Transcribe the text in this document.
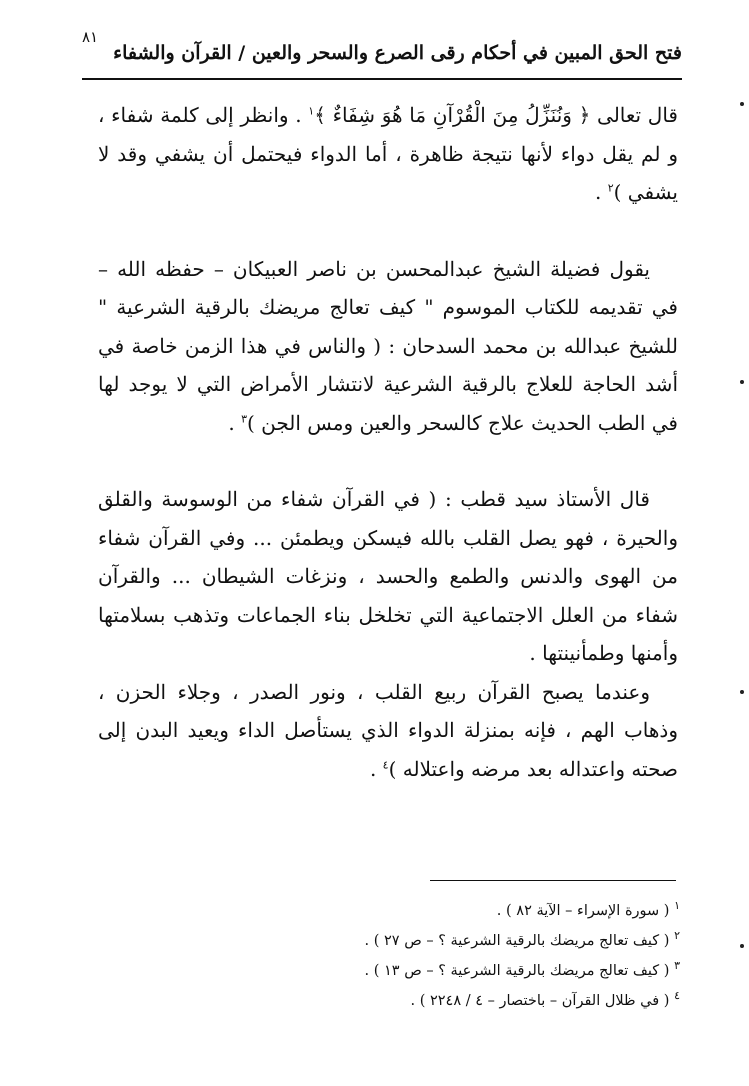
فتح الحق المبين في أحكام رقى الصرع والسحر والعين / القرآن والشفاء
٨١

قال تعالى ﴿ وَنُنَزِّلُ مِنَ الْقُرْآنِ مَا هُوَ شِفَاءٌ ﴾$^١$ . وانظر إلى كلمة شفاء ، و لم يقل دواء لأنها نتيجة ظاهرة ، أما الدواء فيحتمل أن يشفي وقد لا يشفي )$^٢$ .

يقول فضيلة الشيخ عبدالمحسن بن ناصر العبيكان – حفظه الله – في تقديمه للكتاب الموسوم " كيف تعالج مريضك بالرقية الشرعية " للشيخ عبدالله بن محمد السدحان : ( والناس في هذا الزمن خاصة في أشد الحاجة للعلاج بالرقية الشرعية لانتشار الأمراض التي لا يوجد لها في الطب الحديث علاج كالسحر والعين ومس الجن )$^٣$ .

قال الأستاذ سيد قطب : ( في القرآن شفاء من الوسوسة والقلق والحيرة ، فهو يصل القلب بالله فيسكن ويطمئن ... وفي القرآن شفاء من الهوى والدنس والطمع والحسد ، ونزغات الشيطان ... والقرآن شفاء من العلل الاجتماعية التي تخلخل بناء الجماعات وتذهب بسلامتها وأمنها وطمأنينتها .

وعندما يصبح القرآن ربيع القلب ، ونور الصدر ، وجلاء الحزن ، وذهاب الهم ، فإنه بمنزلة الدواء الذي يستأصل الداء ويعيد البدن إلى صحته واعتداله بعد مرضه واعتلاله )$^٤$ .

$^١$ ( سورة الإسراء – الآية ٨٢ ) .
$^٢$ ( كيف تعالج مريضك بالرقية الشرعية ؟ – ص ٢٧ ) .
$^٣$ ( كيف تعالج مريضك بالرقية الشرعية ؟ – ص ١٣ ) .
$^٤$ ( في ظلال القرآن – باختصار – ٤ / ٢٢٤٨ ) .
